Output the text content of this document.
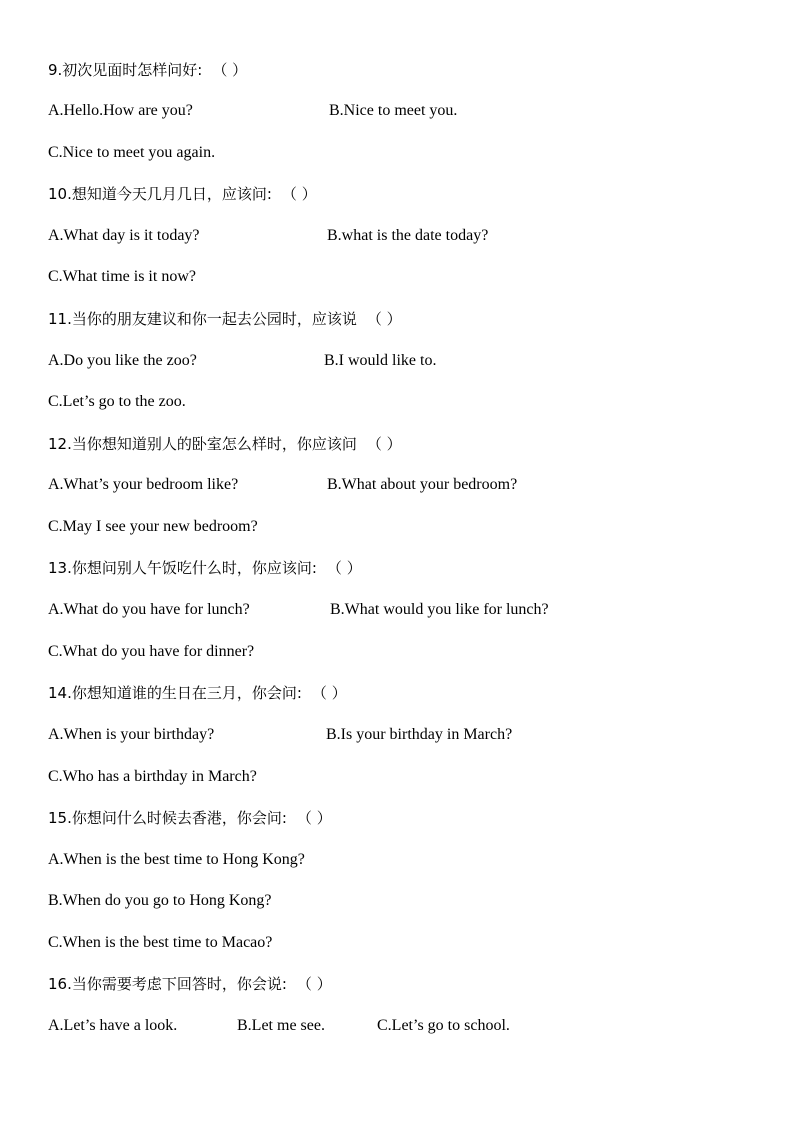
9.初次见面时怎样问好: （ ）
A.Hello.How are you?	B.Nice to meet you.
C.Nice to meet you again.
10.想知道今天几月几日，应该问: （ ）
A.What day is it today?	B.what is the date today?
C.What time is it now?
11.当你的朋友建议和你一起去公园时，应该说 （ ）
A.Do you like the zoo?	B.I would like to.
C.Let’s go to the zoo.
12.当你想知道别人的卧室怎么样时，你应该问 （ ）
A.What’s your bedroom like?	B.What about your bedroom?
C.May I see your new bedroom?
13.你想问别人午饭吃什么时，你应该问: （ ）
A.What do you have for lunch?	B.What would you like for lunch?
C.What do you have for dinner?
14.你想知道谁的生日在三月，你会问: （ ）
A.When is your birthday?	B.Is your birthday in March?
C.Who has a birthday in March?
15.你想问什么时候去香港，你会问: （ ）
A.When is the best time to Hong Kong?
B.When do you go to Hong Kong?
C.When is the best time to Macao?
16.当你需要考虑下回答时，你会说: （ ）
A.Let’s have a look.	B.Let me see.	C.Let’s go to school.
